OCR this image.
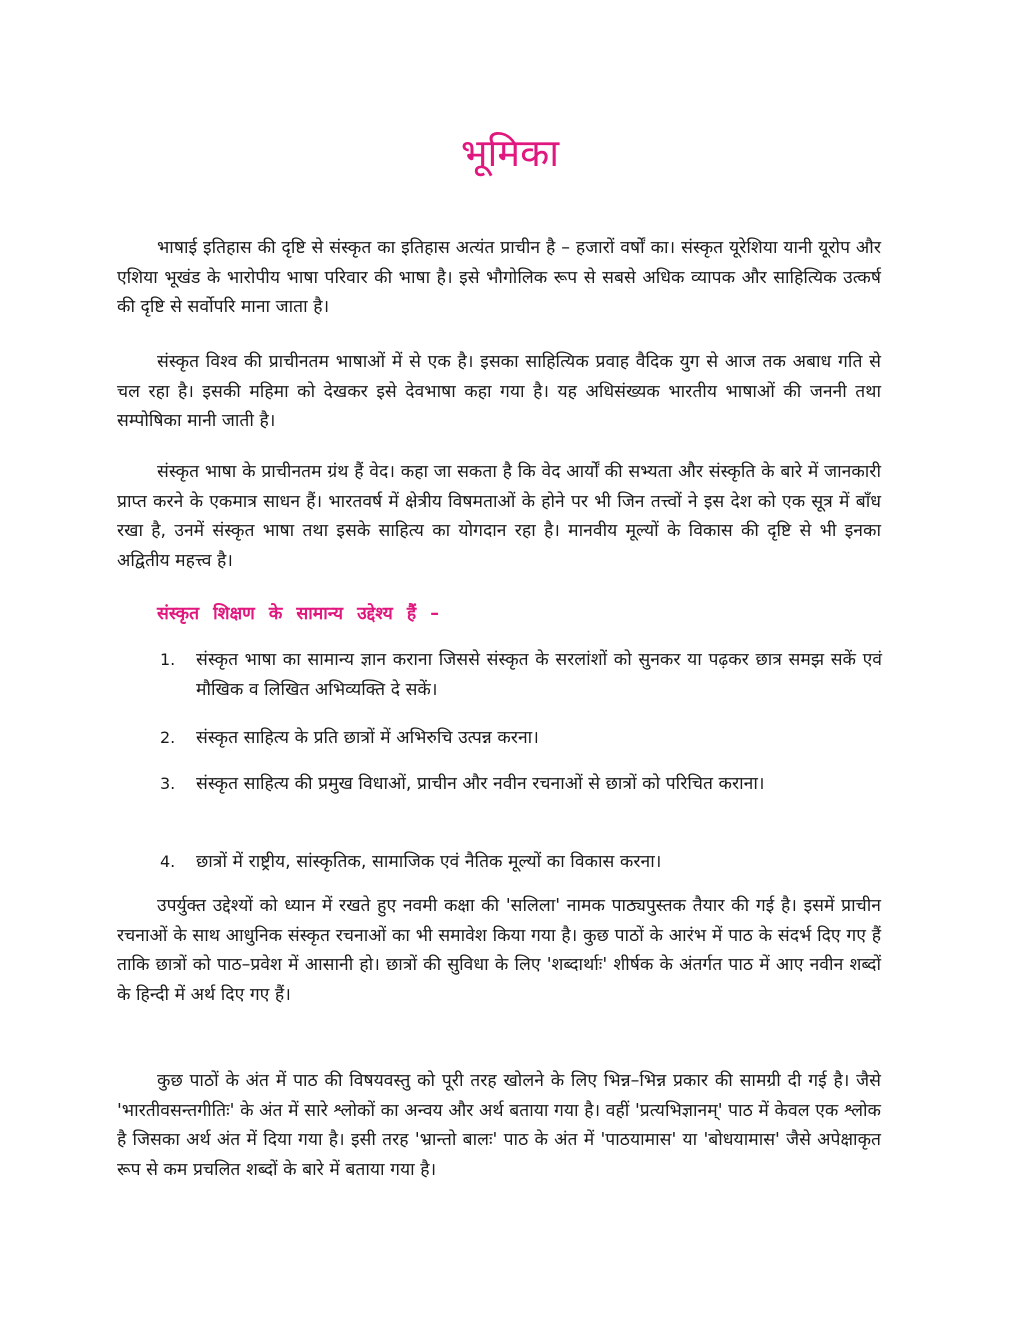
भूमिका

भाषाई इतिहास की दृष्टि से संस्कृत का इतिहास अत्यंत प्राचीन है – हजारों वर्षों का। संस्कृत यूरेशिया यानी यूरोप और एशिया भूखंड के भारोपीय भाषा परिवार की भाषा है। इसे भौगोलिक रूप से सबसे अधिक व्यापक और साहित्यिक उत्कर्ष की दृष्टि से सर्वोपरि माना जाता है।

संस्कृत विश्व की प्राचीनतम भाषाओं में से एक है। इसका साहित्यिक प्रवाह वैदिक युग से आज तक अबाध गति से चल रहा है। इसकी महिमा को देखकर इसे देवभाषा कहा गया है। यह अधिसंख्यक भारतीय भाषाओं की जननी तथा सम्पोषिका मानी जाती है।

संस्कृत भाषा के प्राचीनतम ग्रंथ हैं वेद। कहा जा सकता है कि वेद आर्यों की सभ्यता और संस्कृति के बारे में जानकारी प्राप्त करने के एकमात्र साधन हैं। भारतवर्ष में क्षेत्रीय विषमताओं के होने पर भी जिन तत्त्वों ने इस देश को एक सूत्र में बाँध रखा है, उनमें संस्कृत भाषा तथा इसके साहित्य का योगदान रहा है। मानवीय मूल्यों के विकास की दृष्टि से भी इनका अद्वितीय महत्त्व है।

संस्कृत शिक्षण के सामान्य उद्देश्य हैं –
1. संस्कृत भाषा का सामान्य ज्ञान कराना जिससे संस्कृत के सरलांशों को सुनकर या पढ़कर छात्र समझ सकें एवं मौखिक व लिखित अभिव्यक्ति दे सकें।
2. संस्कृत साहित्य के प्रति छात्रों में अभिरुचि उत्पन्न करना।
3. संस्कृत साहित्य की प्रमुख विधाओं, प्राचीन और नवीन रचनाओं से छात्रों को परिचित कराना।
4. छात्रों में राष्ट्रीय, सांस्कृतिक, सामाजिक एवं नैतिक मूल्यों का विकास करना।

उपर्युक्त उद्देश्यों को ध्यान में रखते हुए नवमी कक्षा की 'सलिला' नामक पाठ्यपुस्तक तैयार की गई है। इसमें प्राचीन रचनाओं के साथ आधुनिक संस्कृत रचनाओं का भी समावेश किया गया है। कुछ पाठों के आरंभ में पाठ के संदर्भ दिए गए हैं ताकि छात्रों को पाठ–प्रवेश में आसानी हो। छात्रों की सुविधा के लिए 'शब्दार्थाः' शीर्षक के अंतर्गत पाठ में आए नवीन शब्दों के हिन्दी में अर्थ दिए गए हैं।

कुछ पाठों के अंत में पाठ की विषयवस्तु को पूरी तरह खोलने के लिए भिन्न–भिन्न प्रकार की सामग्री दी गई है। जैसे 'भारतीवसन्तगीतिः' के अंत में सारे श्लोकों का अन्वय और अर्थ बताया गया है। वहीं 'प्रत्यभिज्ञानम्' पाठ में केवल एक श्लोक है जिसका अर्थ अंत में दिया गया है। इसी तरह 'भ्रान्तो बालः' पाठ के अंत में 'पाठयामास' या 'बोधयामास' जैसे अपेक्षाकृत रूप से कम प्रचलित शब्दों के बारे में बताया गया है।
